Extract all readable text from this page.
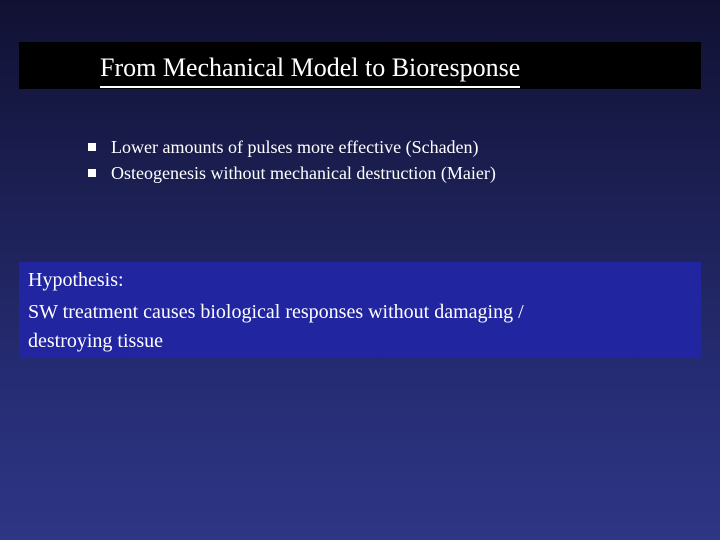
From Mechanical Model to Bioresponse
Lower amounts of pulses more effective (Schaden)
Osteogenesis without mechanical destruction (Maier)
Hypothesis:
SW treatment causes biological responses without damaging /
destroying tissue
